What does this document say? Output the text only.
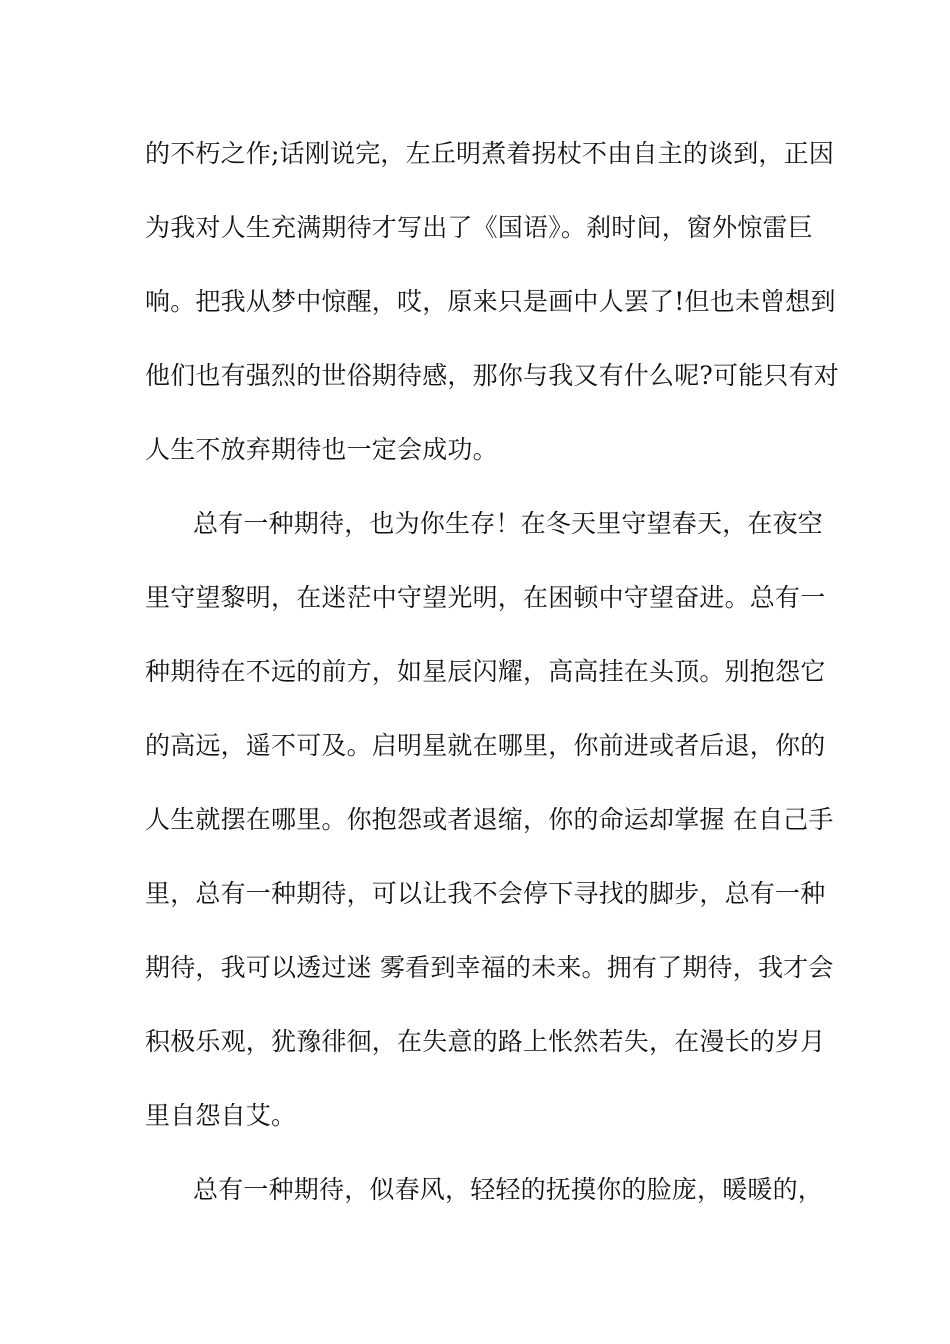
的不朽之作;话刚说完，左丘明煮着拐杖不由自主的谈到，正因
为我对人生充满期待才写出了《国语》。刹时间，窗外惊雷巨
响。把我从梦中惊醒，哎，原来只是画中人罢了!但也未曾想到
他们也有强烈的世俗期待感，那你与我又有什么呢?可能只有对
人生不放弃期待也一定会成功。
总有一种期待，也为你生存！在冬天里守望春天，在夜空
里守望黎明，在迷茫中守望光明，在困顿中守望奋进。总有一
种期待在不远的前方，如星辰闪耀，高高挂在头顶。别抱怨它
的高远，遥不可及。启明星就在哪里，你前进或者后退，你的
人生就摆在哪里。你抱怨或者退缩，你的命运却掌握 在自己手
里，总有一种期待，可以让我不会停下寻找的脚步，总有一种
期待，我可以透过迷 雾看到幸福的未来。拥有了期待，我才会
积极乐观，犹豫徘徊，在失意的路上怅然若失，在漫长的岁月
里自怨自艾。
总有一种期待，似春风，轻轻的抚摸你的脸庞，暖暖的，
